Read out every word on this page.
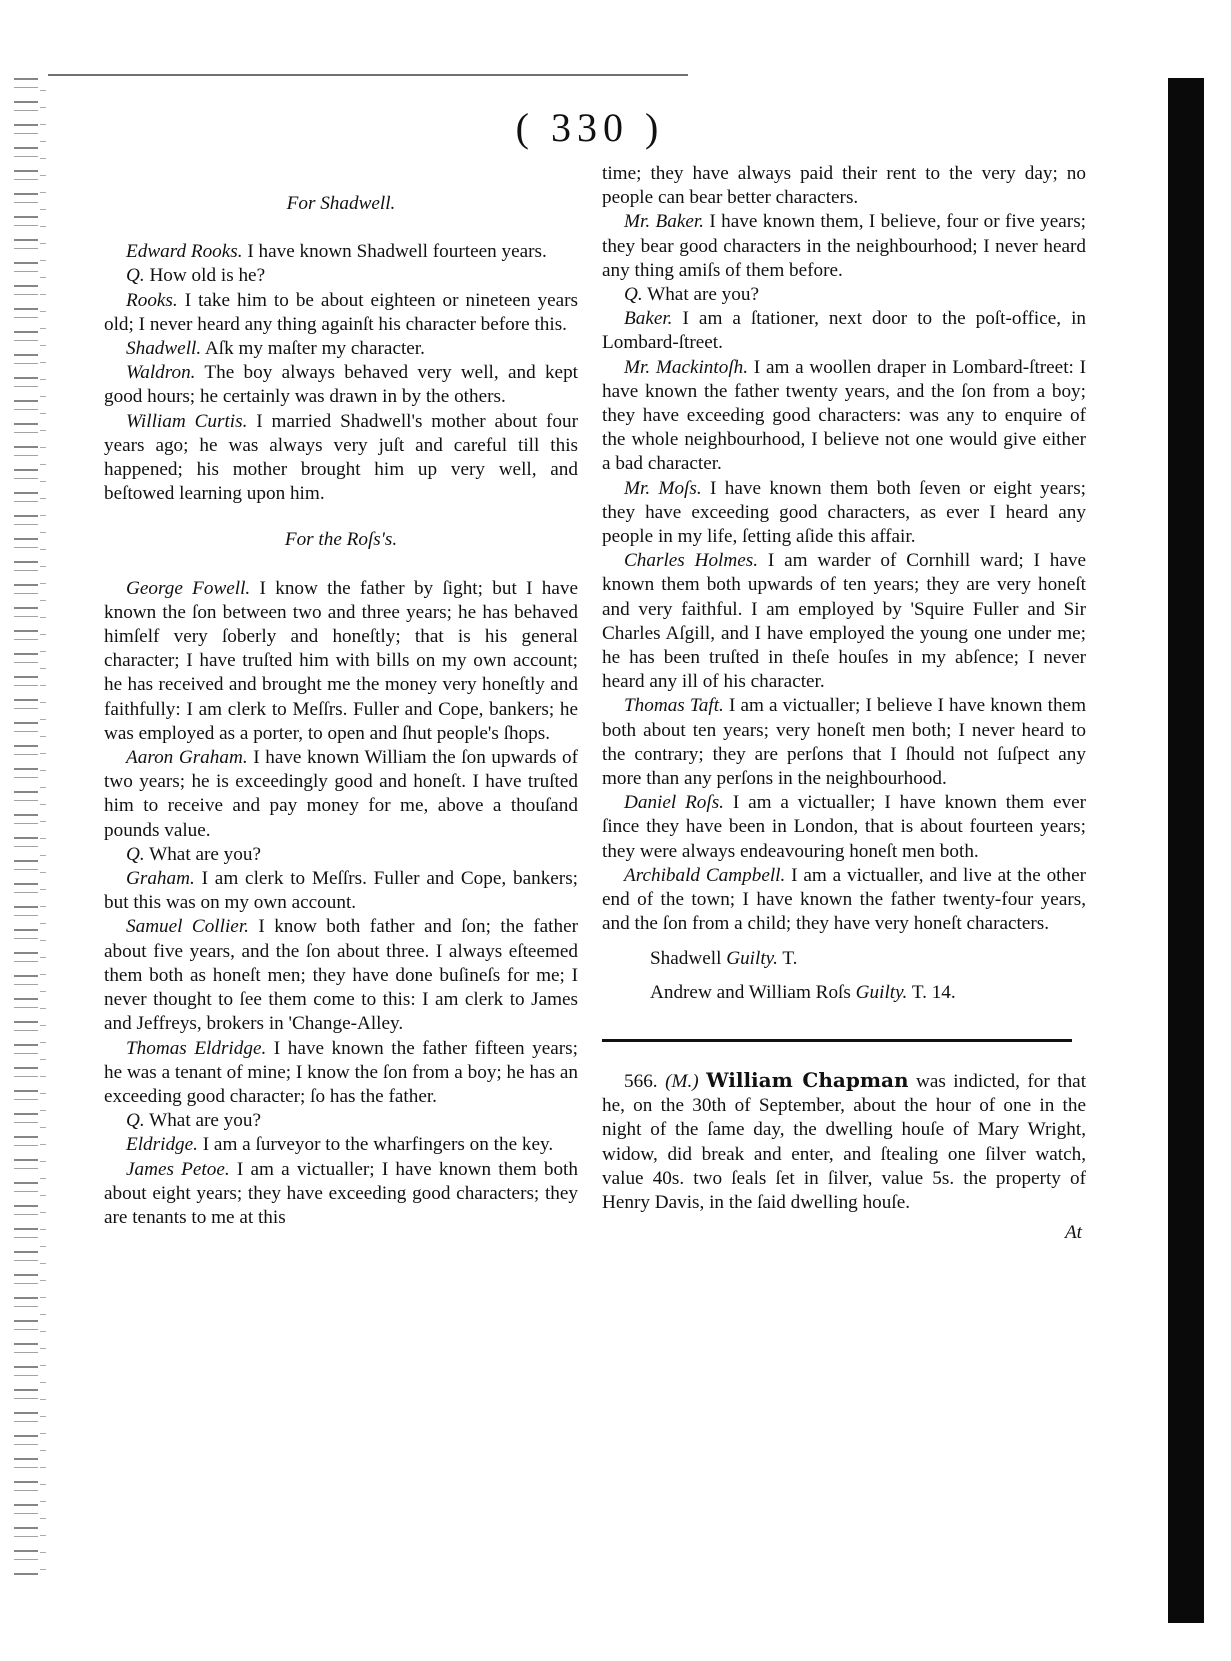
( 330 )

For Shadwell.

Edward Rooks. I have known Shadwell fourteen years.

Q. How old is he?

Rooks. I take him to be about eighteen or nineteen years old; I never heard any thing againſt his character before this.

Shadwell. Aſk my maſter my character.

Waldron. The boy always behaved very well, and kept good hours; he certainly was drawn in by the others.

William Curtis. I married Shadwell's mother about four years ago; he was always very juſt and careful till this happened; his mother brought him up very well, and beſtowed learning upon him.

For the Roſs's.

George Fowell. I know the father by ſight; but I have known the ſon between two and three years; he has behaved himſelf very ſoberly and honeſtly; that is his general character; I have truſted him with bills on my own account; he has received and brought me the money very honeſtly and faithfully: I am clerk to Meſſrs. Fuller and Cope, bankers; he was employed as a porter, to open and ſhut people's ſhops.

Aaron Graham. I have known William the ſon upwards of two years; he is exceedingly good and honeſt. I have truſted him to receive and pay money for me, above a thouſand pounds value.

Q. What are you?

Graham. I am clerk to Meſſrs. Fuller and Cope, bankers; but this was on my own account.

Samuel Collier. I know both father and ſon; the father about five years, and the ſon about three. I always eſteemed them both as honeſt men; they have done buſineſs for me; I never thought to ſee them come to this: I am clerk to James and Jeffreys, brokers in 'Change-Alley.

Thomas Eldridge. I have known the father fifteen years; he was a tenant of mine; I know the ſon from a boy; he has an exceeding good character; ſo has the father.

Q. What are you?

Eldridge. I am a ſurveyor to the wharfingers on the key.

James Petoe. I am a victualler; I have known them both about eight years; they have exceeding good characters; they are tenants to me at this

time; they have always paid their rent to the very day; no people can bear better characters.

Mr. Baker. I have known them, I believe, four or five years; they bear good characters in the neighbourhood; I never heard any thing amiſs of them before.

Q. What are you?

Baker. I am a ſtationer, next door to the poſt-office, in Lombard-ſtreet.

Mr. Mackintoſh. I am a woollen draper in Lombard-ſtreet: I have known the father twenty years, and the ſon from a boy; they have exceeding good characters: was any to enquire of the whole neighbourhood, I believe not one would give either a bad character.

Mr. Moſs. I have known them both ſeven or eight years; they have exceeding good characters, as ever I heard any people in my life, ſetting aſide this affair.

Charles Holmes. I am warder of Cornhill ward; I have known them both upwards of ten years; they are very honeſt and very faithful. I am employed by 'Squire Fuller and Sir Charles Aſgill, and I have employed the young one under me; he has been truſted in theſe houſes in my abſence; I never heard any ill of his character.

Thomas Taft. I am a victualler; I believe I have known them both about ten years; very honeſt men both; I never heard to the contrary; they are perſons that I ſhould not ſuſpect any more than any perſons in the neighbourhood.

Daniel Roſs. I am a victualler; I have known them ever ſince they have been in London, that is about fourteen years; they were always endeavouring honeſt men both.

Archibald Campbell. I am a victualler, and live at the other end of the town; I have known the father twenty-four years, and the ſon from a child; they have very honeſt characters.

Shadwell Guilty. T.

Andrew and William Roſs Guilty. T. 14.

566. (M.) William Chapman was indicted, for that he, on the 30th of September, about the hour of one in the night of the ſame day, the dwelling houſe of Mary Wright, widow, did break and enter, and ſtealing one ſilver watch, value 40s. two ſeals ſet in ſilver, value 5s. the property of Henry Davis, in the ſaid dwelling houſe.

At
